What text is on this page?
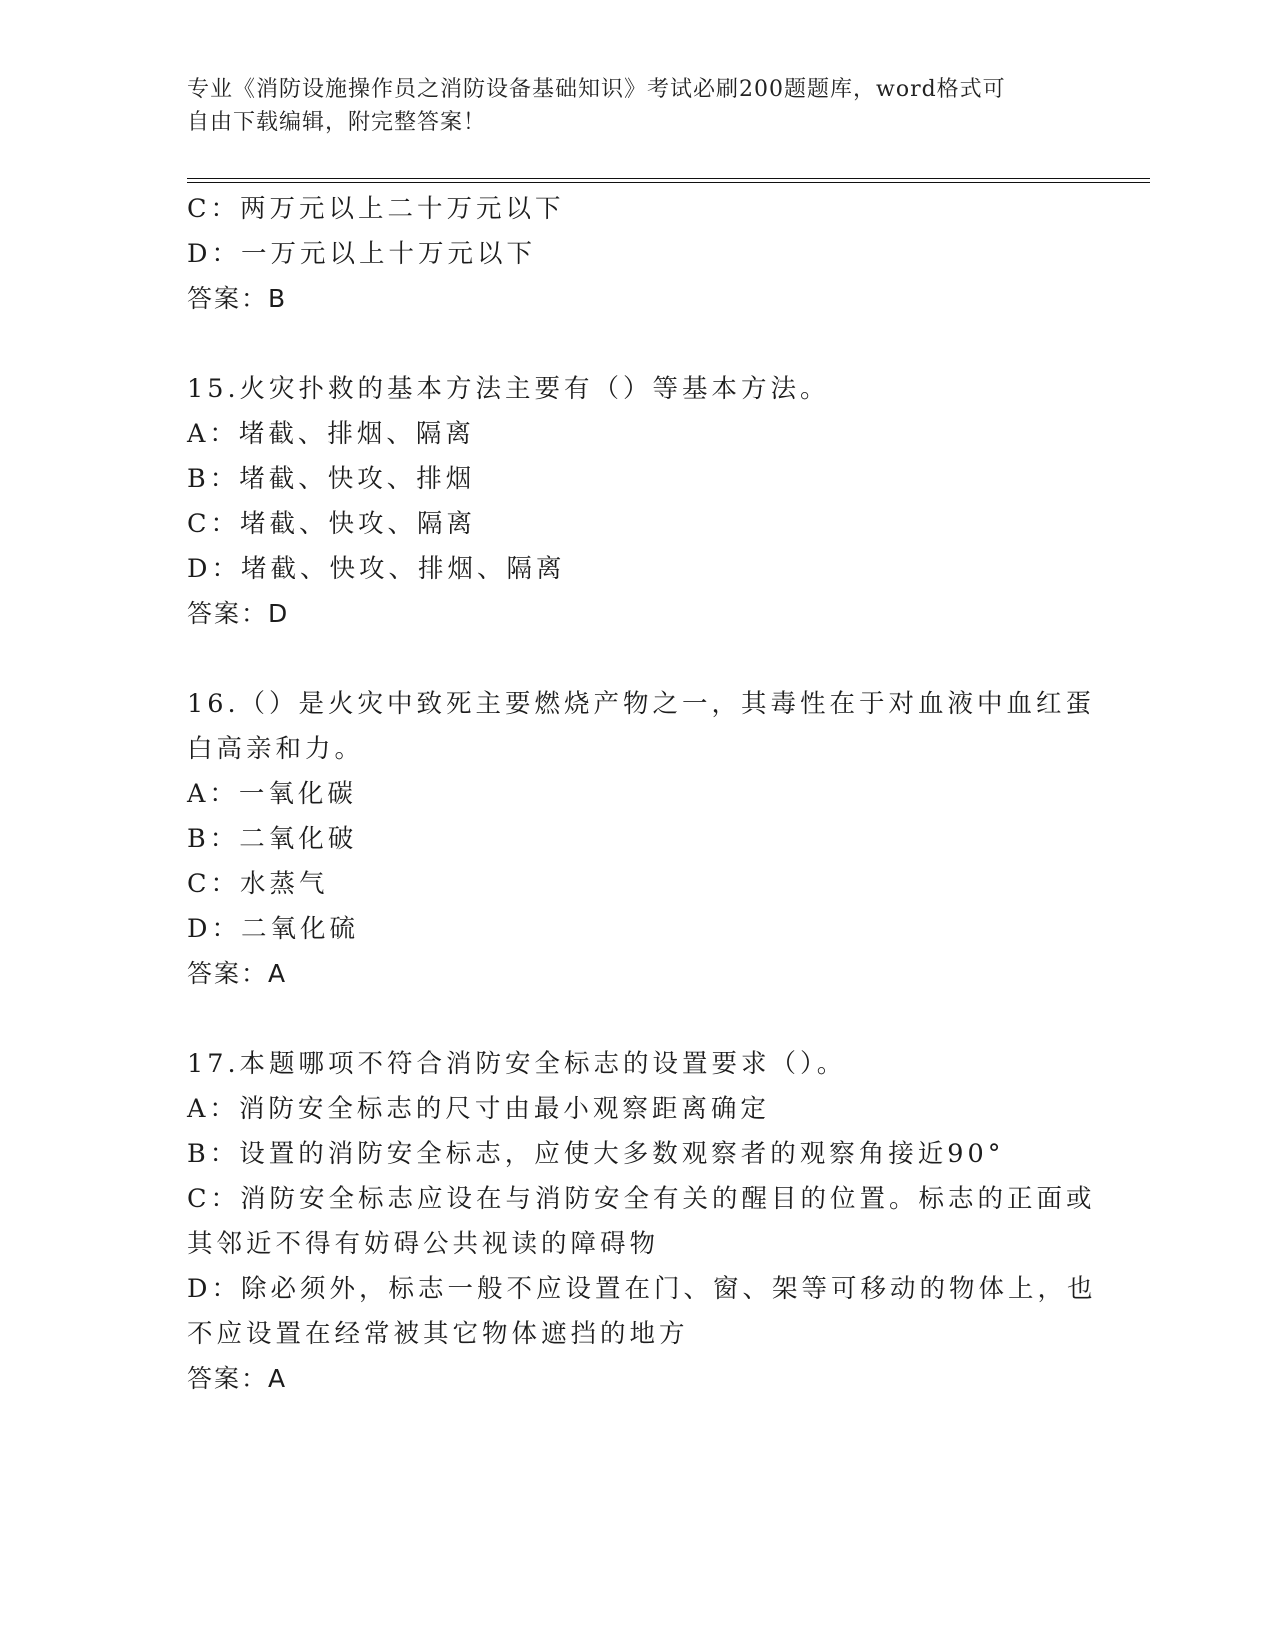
专业《消防设施操作员之消防设备基础知识》考试必刷200题题库，word格式可
自由下载编辑，附完整答案！
C：两万元以上二十万元以下
D：一万元以上十万元以下
答案：B
15.火灾扑救的基本方法主要有（）等基本方法。
A：堵截、排烟、隔离
B：堵截、快攻、排烟
C：堵截、快攻、隔离
D：堵截、快攻、排烟、隔离
答案：D
16.（）是火灾中致死主要燃烧产物之一，其毒性在于对血液中血红蛋
白高亲和力。
A：一氧化碳
B：二氧化破
C：水蒸气
D：二氧化硫
答案：A
17.本题哪项不符合消防安全标志的设置要求（）。
A：消防安全标志的尺寸由最小观察距离确定
B：设置的消防安全标志，应使大多数观察者的观察角接近90°
C：消防安全标志应设在与消防安全有关的醒目的位置。标志的正面或
其邻近不得有妨碍公共视读的障碍物
D：除必须外，标志一般不应设置在门、窗、架等可移动的物体上，也
不应设置在经常被其它物体遮挡的地方
答案：A
